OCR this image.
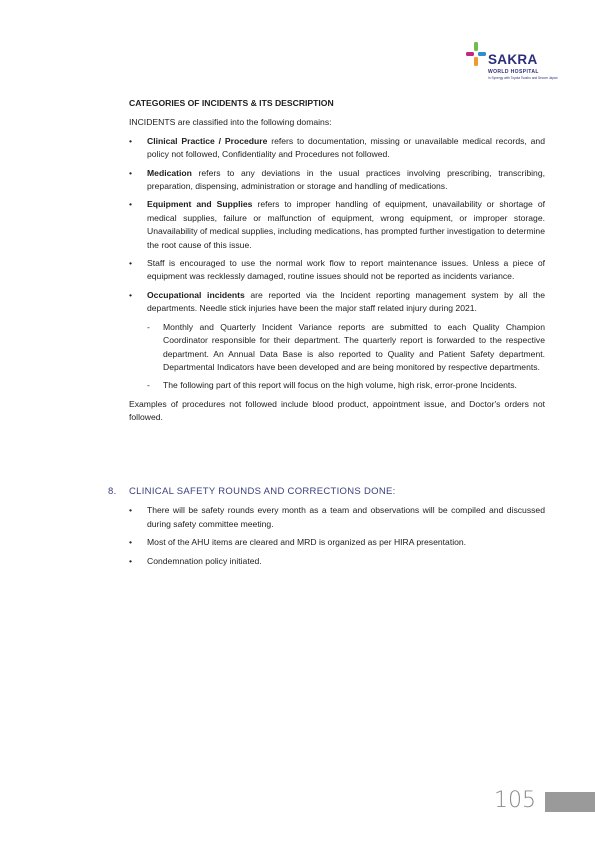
SAKRA
WORLD HOSPITAL
In Synergy with Toyota Tsusho and Secom Japan

CATEGORIES OF INCIDENTS & ITS DESCRIPTION

INCIDENTS are classified into the following domains:

• Clinical Practice / Procedure refers to documentation, missing or unavailable medical records, and policy not followed, Confidentiality and Procedures not followed.
• Medication refers to any deviations in the usual practices involving prescribing, transcribing, preparation, dispensing, administration or storage and handling of medications.
• Equipment and Supplies refers to improper handling of equipment, unavailability or shortage of medical supplies, failure or malfunction of equipment, wrong equipment, or improper storage. Unavailability of medical supplies, including medications, has prompted further investigation to determine the root cause of this issue.
• Staff is encouraged to use the normal work flow to report maintenance issues. Unless a piece of equipment was recklessly damaged, routine issues should not be reported as incidents variance.
• Occupational incidents are reported via the Incident reporting management system by all the departments. Needle stick injuries have been the major staff related injury during 2021.
- Monthly and Quarterly Incident Variance reports are submitted to each Quality Champion Coordinator responsible for their department. The quarterly report is forwarded to the respective department. An Annual Data Base is also reported to Quality and Patient Safety department. Departmental Indicators have been developed and are being monitored by respective departments.
- The following part of this report will focus on the high volume, high risk, error-prone Incidents.

Examples of procedures not followed include blood product, appointment issue, and Doctor's orders not followed.

8.	CLINICAL SAFETY ROUNDS AND CORRECTIONS DONE:
• There will be safety rounds every month as a team and observations will be compiled and discussed during safety committee meeting.
• Most of the AHU items are cleared and MRD is organized as per HIRA presentation.
• Condemnation policy initiated.
105
